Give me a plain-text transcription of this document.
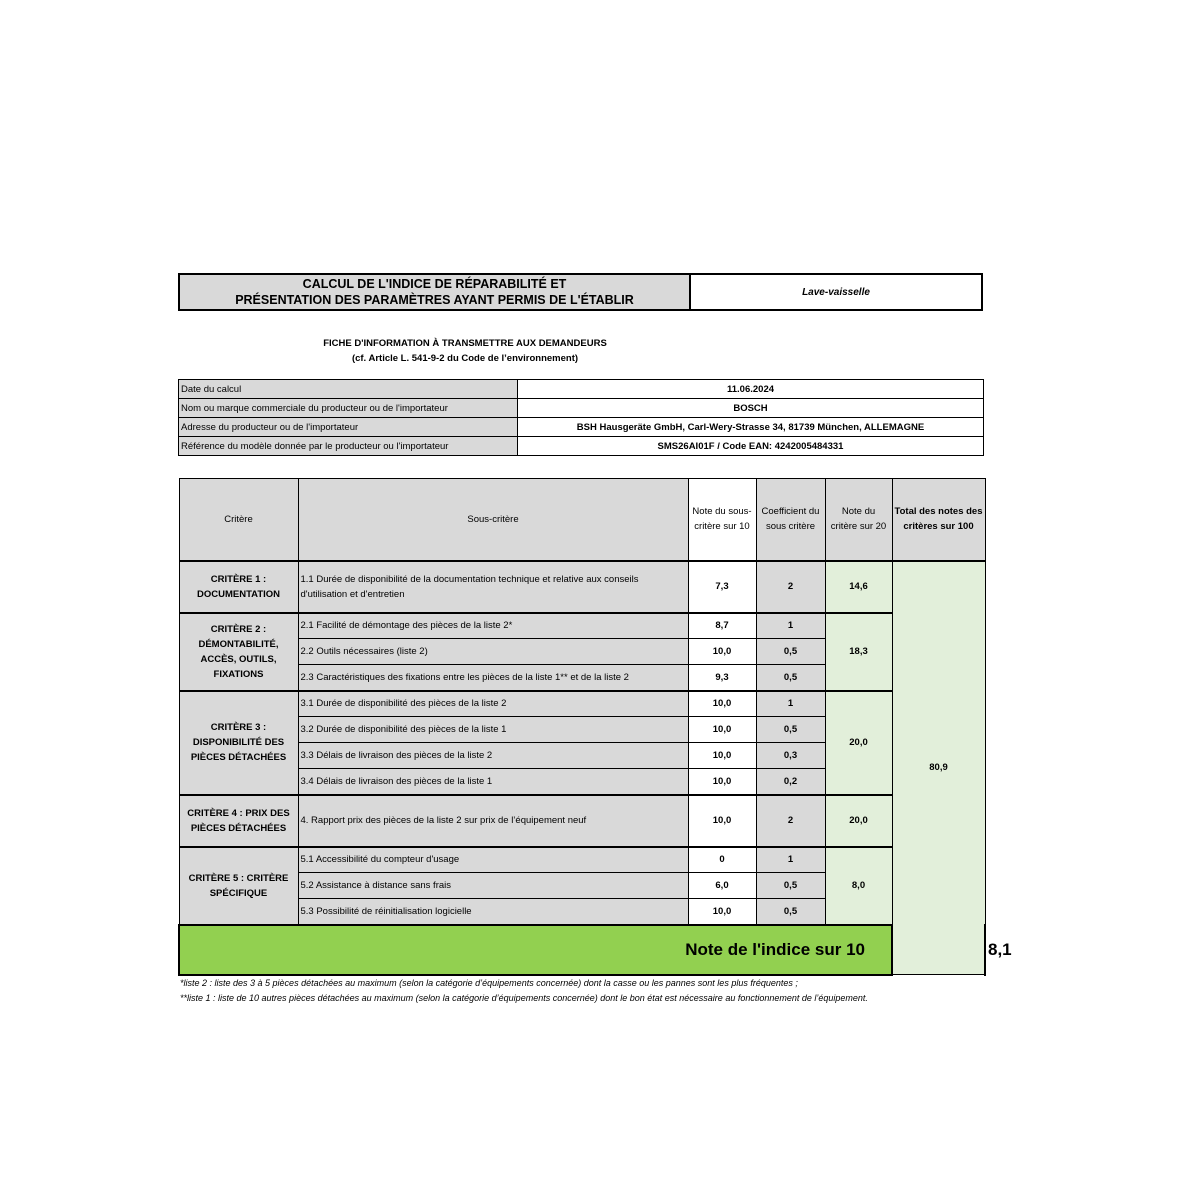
CALCUL DE L'INDICE DE RÉPARABILITÉ ET
PRÉSENTATION DES PARAMÈTRES AYANT PERMIS DE L'ÉTABLIR
Lave-vaisselle
FICHE D'INFORMATION À TRANSMETTRE AUX DEMANDEURS
(cf. Article L. 541-9-2 du Code de l’environnement)
Date du calcul	11.06.2024
Nom ou marque commerciale du producteur ou de l'importateur	BOSCH
Adresse du producteur ou de l'importateur	BSH Hausgeräte GmbH, Carl-Wery-Strasse 34, 81739 München, ALLEMAGNE
Référence du modèle donnée par le producteur ou l'importateur	SMS26AI01F / Code EAN: 4242005484331
Critère	Sous-critère	Note du sous-critère sur 10	Coefficient du sous critère	Note du critère sur 20	Total des notes des critères sur 100	
CRITÈRE 1 : DOCUMENTATION	1.1 Durée de disponibilité de la documentation technique et relative aux conseils d'utilisation et d'entretien	7,3	2	14,6	80,9	
CRITÈRE 2 : DÉMONTABILITÉ, ACCÈS, OUTILS, FIXATIONS	2.1 Facilité de démontage des pièces de la liste 2*	8,7	1	18,3		
	2.2 Outils nécessaires (liste 2)	10,0	0,5			
	2.3 Caractéristiques des fixations entre les pièces de la liste 1** et de la liste 2	9,3	0,5			
CRITÈRE 3 : DISPONIBILITÉ DES PIÈCES DÉTACHÉES	3.1 Durée de disponibilité des pièces de la liste 2	10,0	1	20,0		
	3.2 Durée de disponibilité des pièces de la liste 1	10,0	0,5			
	3.3 Délais de livraison des pièces de la liste 2	10,0	0,3			
	3.4 Délais de livraison des pièces de la liste 1	10,0	0,2			
CRITÈRE 4 : PRIX DES PIÈCES DÉTACHÉES	4. Rapport prix des pièces de la liste 2 sur prix de l’équipement neuf	10,0	2	20,0		
CRITÈRE 5 : CRITÈRE SPÉCIFIQUE	5.1 Accessibilité du compteur d'usage	0	1	8,0		
	5.2 Assistance à distance sans frais	6,0	0,5			
	5.3 Possibilité de réinitialisation logicielle	10,0	0,5			
Note de l'indice sur 10						8,1
*liste 2 : liste des 3 à 5 pièces détachées au maximum (selon la catégorie d’équipements concernée) dont la casse ou les pannes sont les plus fréquentes ;
**liste 1 : liste de 10 autres pièces détachées au maximum (selon la catégorie d’équipements concernée) dont le bon état est nécessaire au fonctionnement de l’équipement.
